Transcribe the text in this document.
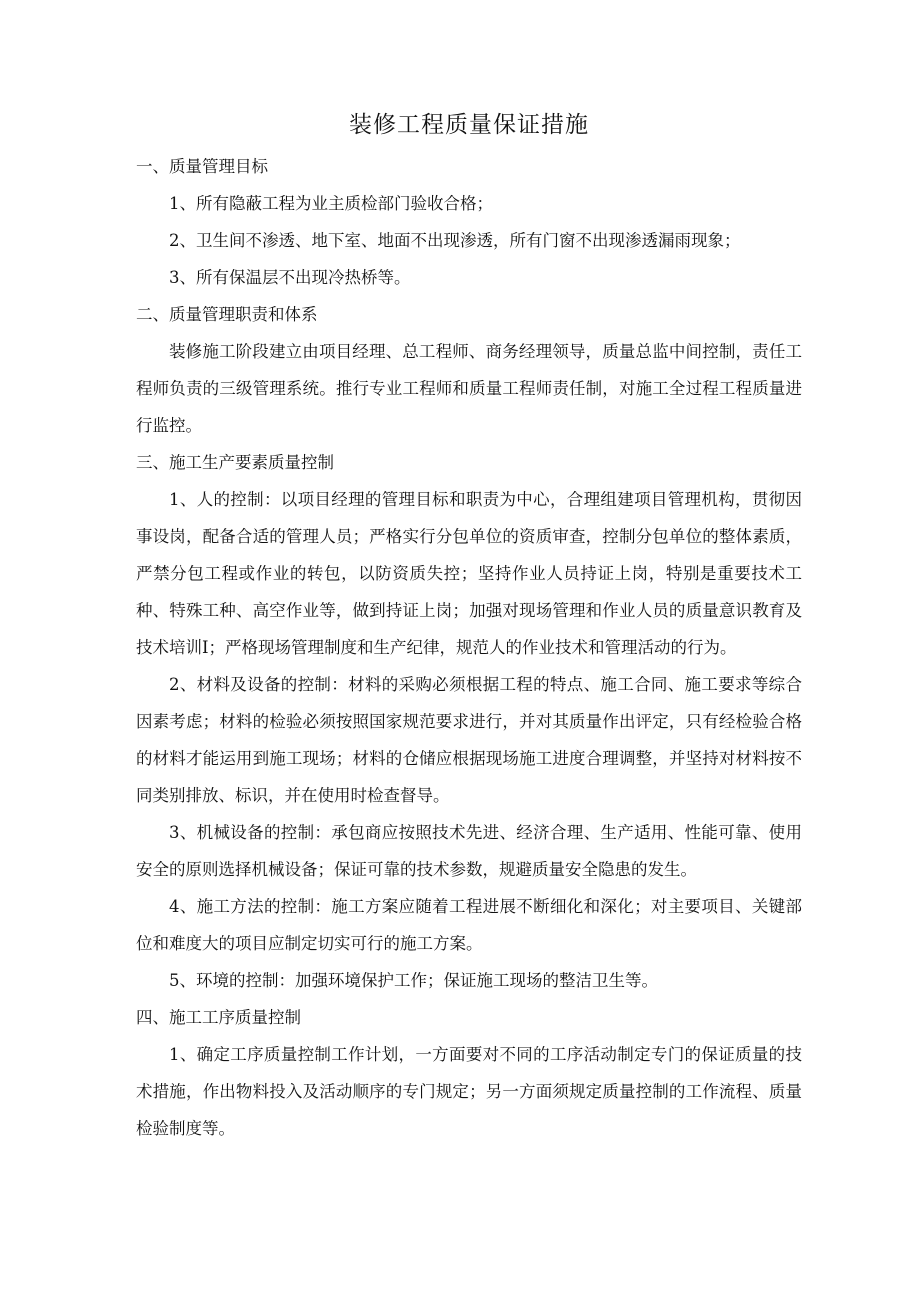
装修工程质量保证措施

一、质量管理目标

1、所有隐蔽工程为业主质检部门验收合格；

2、卫生间不渗透、地下室、地面不出现渗透，所有门窗不出现渗透漏雨现象；

3、所有保温层不出现冷热桥等。

二、质量管理职责和体系

装修施工阶段建立由项目经理、总工程师、商务经理领导，质量总监中间控制，责任工程师负责的三级管理系统。推行专业工程师和质量工程师责任制，对施工全过程工程质量进行监控。

三、施工生产要素质量控制

1、人的控制：以项目经理的管理目标和职责为中心，合理组建项目管理机构，贯彻因事设岗，配备合适的管理人员；严格实行分包单位的资质审查，控制分包单位的整体素质，严禁分包工程或作业的转包，以防资质失控；坚持作业人员持证上岗，特别是重要技术工种、特殊工种、高空作业等，做到持证上岗；加强对现场管理和作业人员的质量意识教育及技术培训I；严格现场管理制度和生产纪律，规范人的作业技术和管理活动的行为。

2、材料及设备的控制：材料的采购必须根据工程的特点、施工合同、施工要求等综合因素考虑；材料的检验必须按照国家规范要求进行，并对其质量作出评定，只有经检验合格的材料才能运用到施工现场；材料的仓储应根据现场施工进度合理调整，并坚持对材料按不同类别排放、标识，并在使用时检查督导。

3、机械设备的控制：承包商应按照技术先进、经济合理、生产适用、性能可靠、使用安全的原则选择机械设备；保证可靠的技术参数，规避质量安全隐患的发生。

4、施工方法的控制：施工方案应随着工程进展不断细化和深化；对主要项目、关键部位和难度大的项目应制定切实可行的施工方案。

5、环境的控制：加强环境保护工作；保证施工现场的整洁卫生等。

四、施工工序质量控制

1、确定工序质量控制工作计划，一方面要对不同的工序活动制定专门的保证质量的技术措施，作出物料投入及活动顺序的专门规定；另一方面须规定质量控制的工作流程、质量检验制度等。
